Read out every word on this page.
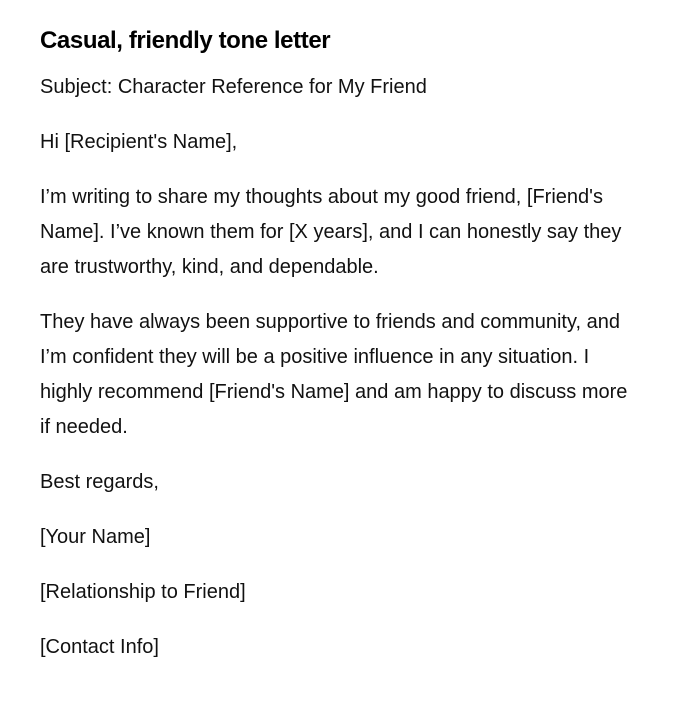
Casual, friendly tone letter

Subject: Character Reference for My Friend

Hi [Recipient's Name],

I’m writing to share my thoughts about my good friend, [Friend's Name]. I’ve known them for [X years], and I can honestly say they are trustworthy, kind, and dependable.

They have always been supportive to friends and community, and I’m confident they will be a positive influence in any situation. I highly recommend [Friend's Name] and am happy to discuss more if needed.

Best regards,

[Your Name]

[Relationship to Friend]

[Contact Info]
